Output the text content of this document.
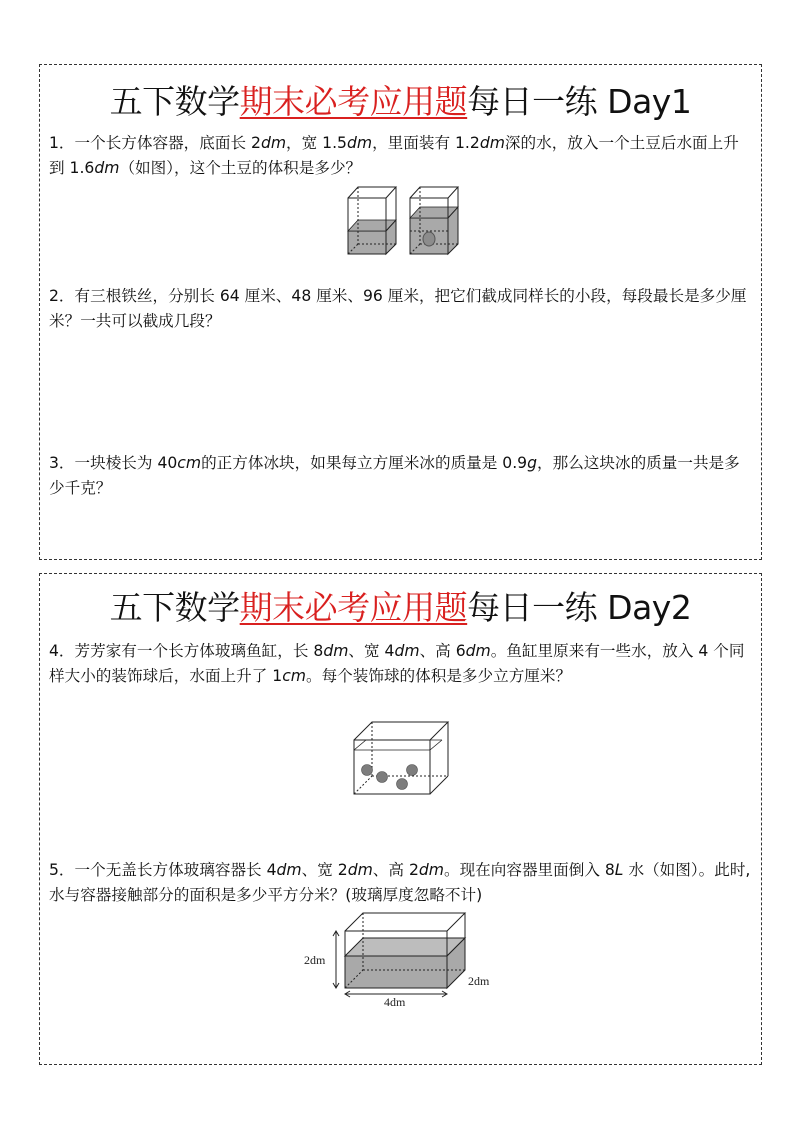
五下数学期末必考应用题每日一练 Day1
1．一个长方体容器，底面长 2dm，宽 1.5dm，里面装有 1.2dm深的水，放入一个土豆后水面上升到 1.6dm（如图），这个土豆的体积是多少？
2．有三根铁丝，分别长 64 厘米、48 厘米、96 厘米，把它们截成同样长的小段，每段最长是多少厘米？一共可以截成几段？
3．一块棱长为 40cm的正方体冰块，如果每立方厘米冰的质量是 0.9g，那么这块冰的质量一共是多少千克？
五下数学期末必考应用题每日一练 Day2
4．芳芳家有一个长方体玻璃鱼缸，长 8dm、宽 4dm、高 6dm。鱼缸里原来有一些水，放入 4 个同样大小的装饰球后，水面上升了 1cm。每个装饰球的体积是多少立方厘米？
5．一个无盖长方体玻璃容器长 4dm、宽 2dm、高 2dm。现在向容器里面倒入 8L 水（如图）。此时,水与容器接触部分的面积是多少平方分米？(玻璃厚度忽略不计)
2dm
2dm
4dm
